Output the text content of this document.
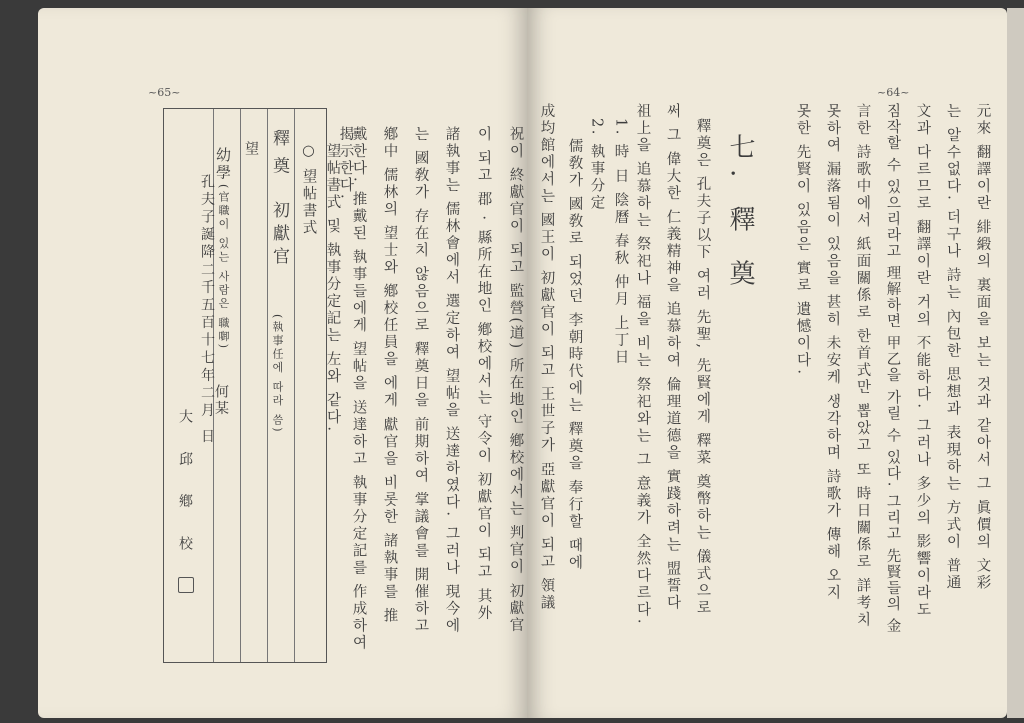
~65~
祝이 終獻官이 되고 監營(道) 所在地인 鄕校에서는 判官이 初獻官
이 되고 郡 · 縣所在地인 鄕校에서는 守令이 初獻官이 되고 其外
諸執事는 儒林會에서 選定하여 望帖을 送達하였다. 그러나 現今에
는 國敎가 存在치 않음으로 釋奠日을 前期하여 掌議會를 開催하고
鄕中 儒林의 望士와 鄕校任員을 에게 獻官을 비롯한 諸執事를 推
戴한다. 推戴된 執事들에게 望帖을 送達하고 執事分定記를 作成하여
揭示한다.
望帖書式 및 執事分定記는 左와 같다.
○ 望帖書式
釋 奠
初獻官
(執事任에 따라 씀)
望
幼學
(官職이 있는 사람은 職啣)
何某
孔夫子誕降二千五百十七年二月 日
大 邱 鄕 校
~64~
元來 翻譯이란 緋緞의 裏面을 보는 것과 같아서 그 眞價의 文彩
는 알수없다. 더구나 詩는 內包한 思想과 表現하는 方式이 普通
文과 다르므로 翻譯이란 거의 不能하다. 그러나 多少의 影響이라도
짐작할 수 있으리라고 理解하면 甲乙을 가릴 수 있다. 그리고 先賢들의 金
言한 詩歌中에서 紙面關係로 한首式만 뽑았고 또 時日關係로 詳考치
못하여 漏落됨이 있음을 甚히 未安케 생각하며 詩歌가 傳해 오지
못한 先賢이 있음은 實로 遺憾이다.
七. 釋 奠
釋奠은 孔夫子以下 여러 先聖, 先賢에게 釋菜 奠幣하는 儀式으로
써 그 偉大한 仁義精神을 追慕하여 倫理道德을 實踐하려는 盟誓다
祖上을 追慕하는 祭祀나 福을 비는 祭祀와는 그 意義가 全然다르다.
1. 時 日 陰曆 春秋 仲月 上丁日
2. 執事分定
儒敎가 國敎로 되었던 李朝時代에는 釋奠을 奉行할 때에
成均館에서는 國王이 初獻官이 되고 王世子가 亞獻官이 되고 領議
